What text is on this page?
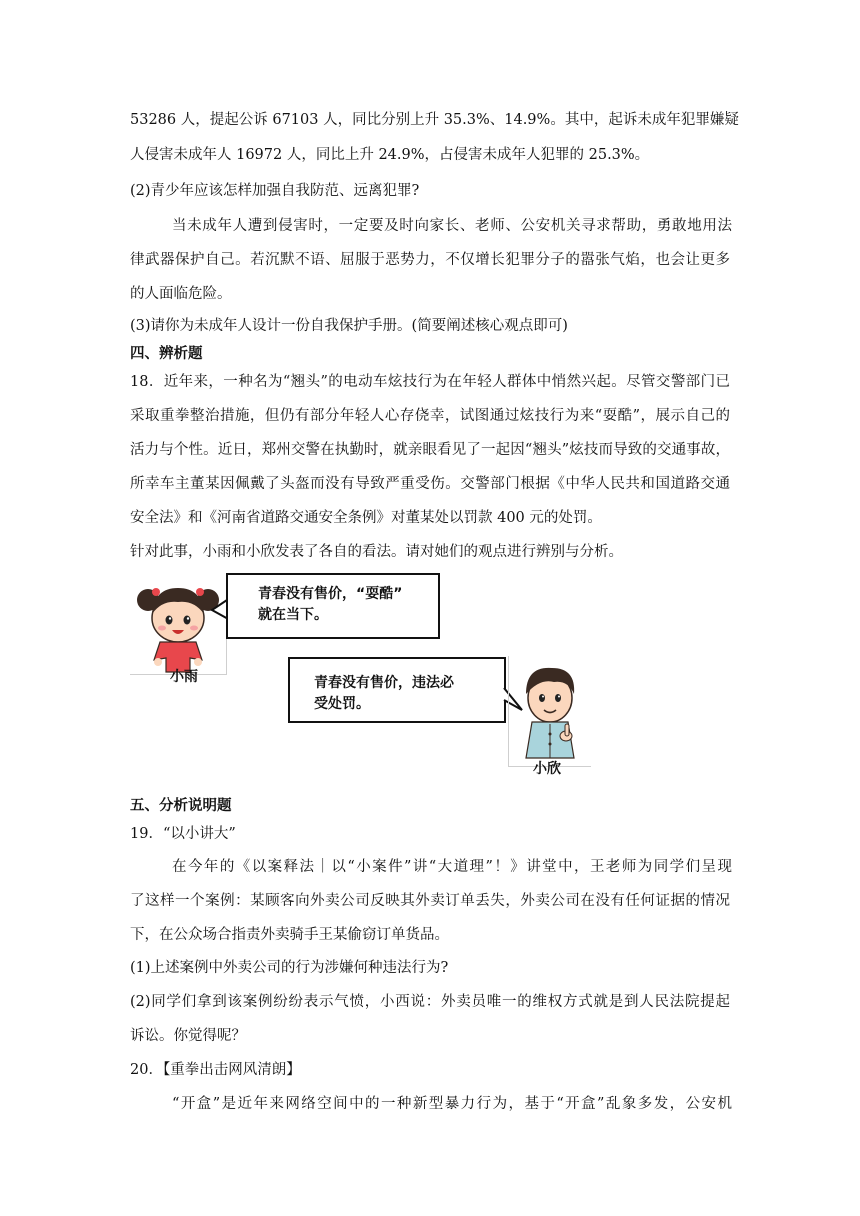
53286 人，提起公诉 67103 人，同比分别上升 35.3%、14.9%。其中，起诉未成年犯罪嫌疑
人侵害未成年人 16972 人，同比上升 24.9%，占侵害未成年人犯罪的 25.3%。
(2)青少年应该怎样加强自我防范、远离犯罪?
当未成年人遭到侵害时，一定要及时向家长、老师、公安机关寻求帮助，勇敢地用法
律武器保护自己。若沉默不语、屈服于恶势力，不仅增长犯罪分子的嚣张气焰，也会让更多
的人面临危险。
(3)请你为未成年人设计一份自我保护手册。(简要阐述核心观点即可)
四、辨析题
18．近年来，一种名为“翘头”的电动车炫技行为在年轻人群体中悄然兴起。尽管交警部门已
采取重拳整治措施，但仍有部分年轻人心存侥幸，试图通过炫技行为来“耍酷”，展示自己的
活力与个性。近日，郑州交警在执勤时，就亲眼看见了一起因“翘头”炫技而导致的交通事故，
所幸车主董某因佩戴了头盔而没有导致严重受伤。交警部门根据《中华人民共和国道路交通
安全法》和《河南省道路交通安全条例》对董某处以罚款 400 元的处罚。
针对此事，小雨和小欣发表了各自的看法。请对她们的观点进行辨别与分析。
小雨
青春没有售价，“耍酷”
就在当下。
青春没有售价，违法必
受处罚。
小欣
五、分析说明题
19．“以小讲大”
在今年的《以案释法｜以“小案件”讲“大道理”！》讲堂中，王老师为同学们呈现
了这样一个案例：某顾客向外卖公司反映其外卖订单丢失，外卖公司在没有任何证据的情况
下，在公众场合指责外卖骑手王某偷窃订单货品。
(1)上述案例中外卖公司的行为涉嫌何种违法行为?
(2)同学们拿到该案例纷纷表示气愤，小西说：外卖员唯一的维权方式就是到人民法院提起
诉讼。你觉得呢？
20．【重拳出击网风清朗】
“开盒”是近年来网络空间中的一种新型暴力行为，基于“开盒”乱象多发，公安机
